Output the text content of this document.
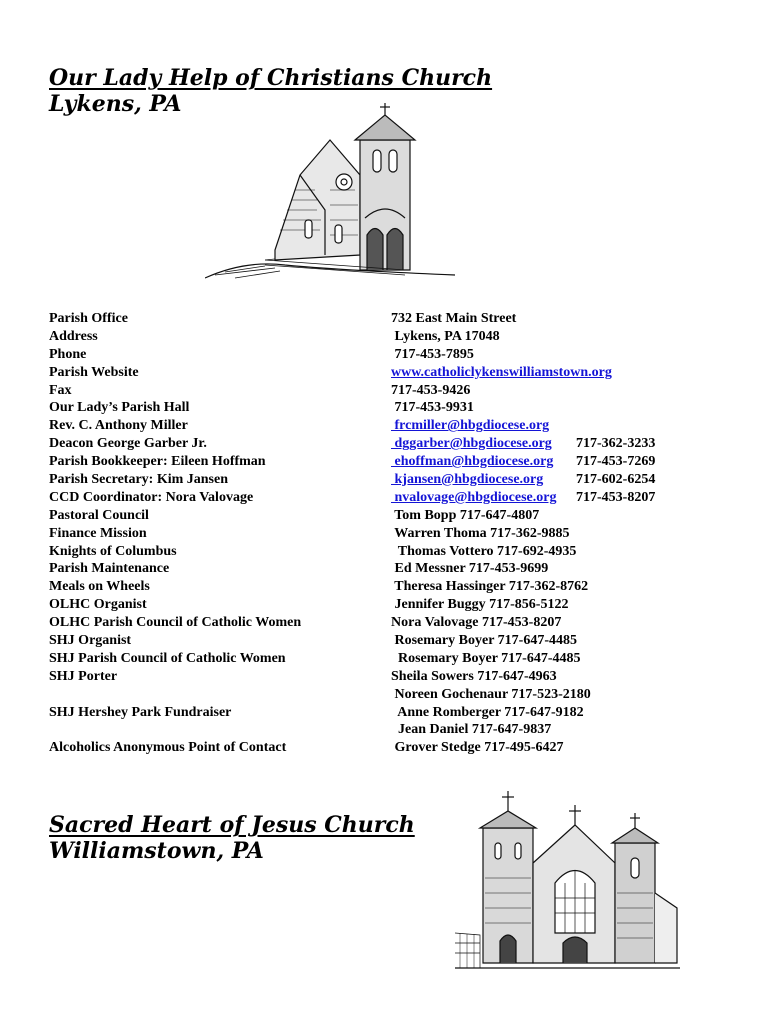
Our Lady Help of Christians Church
Lykens, PA
Parish Office	732 East Main Street
Address	Lykens, PA 17048
Phone	717-453-7895
Parish Website	www.catholiclykenswilliamstown.org
Fax	717-453-9426
Our Lady’s Parish Hall	717-453-9931
Rev. C. Anthony Miller	frcmiller@hbgdiocese.org
Deacon George Garber Jr.	dggarber@hbgdiocese.org 717-362-3233
Parish Bookkeeper: Eileen Hoffman	ehoffman@hbgdiocese.org 717-453-7269
Parish Secretary: Kim Jansen	kjansen@hbgdiocese.org 717-602-6254
CCD Coordinator: Nora Valovage	nvalovage@hbgdiocese.org 717-453-8207
Pastoral Council	Tom Bopp 717-647-4807
Finance Mission	Warren Thoma 717-362-9885
Knights of Columbus	Thomas Vottero 717-692-4935
Parish Maintenance	Ed Messner 717-453-9699
Meals on Wheels	Theresa Hassinger 717-362-8762
OLHC Organist	Jennifer Buggy 717-856-5122
OLHC Parish Council of Catholic Women	Nora Valovage 717-453-8207
SHJ Organist	Rosemary Boyer 717-647-4485
SHJ Parish Council of Catholic Women	Rosemary Boyer 717-647-4485
SHJ Porter	Sheila Sowers 717-647-4963
Noreen Gochenaur 717-523-2180
SHJ Hershey Park Fundraiser	Anne Romberger 717-647-9182
Jean Daniel 717-647-9837
Alcoholics Anonymous Point of Contact	Grover Stedge 717-495-6427
Sacred Heart of Jesus Church
Williamstown, PA
